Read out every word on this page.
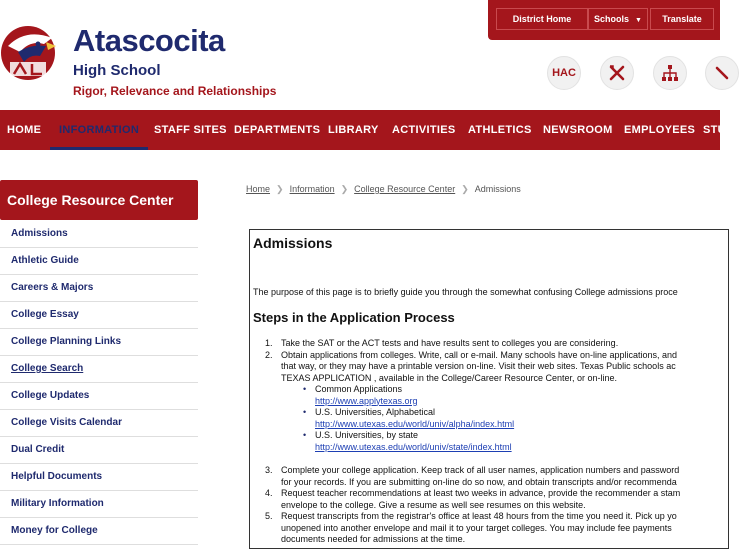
Atascocita
High School
Rigor, Relevance and Relationships
District Home	Schools ▼	Translate
HAC
HOME	INFORMATION	STAFF SITES DEPARTMENTS LIBRARY ACTIVITIES ATHLETICS NEWSROOM EMPLOYEES STU
College Resource Center
Admissions
Athletic Guide
Careers & Majors
College Essay
College Planning Links
College Search
College Updates
College Visits Calendar
Dual Credit
Helpful Documents
Military Information
Money for College
Home ❯ Information ❯ College Resource Center ❯ Admissions
Admissions
The purpose of this page is to briefly guide you through the somewhat confusing College admissions proce
Steps in the Application Process
1. Take the SAT or the ACT tests and have results sent to colleges you are considering.
2. Obtain applications from colleges. Write, call or e-mail. Many schools have on-line applications, and
that way, or they may have a printable version on-line. Visit their web sites. Texas Public schools ac
TEXAS APPLICATION , available in the College/Career Resource Center, or on-line.
• Common Applications
http://www.applytexas.org
• U.S. Universities, Alphabetical
http://www.utexas.edu/world/univ/alpha/index.html
• U.S. Universities, by state
http://www.utexas.edu/world/univ/state/index.html
3. Complete your college application. Keep track of all user names, application numbers and password
for your records. If you are submitting on-line do so now, and obtain transcripts and/or recommenda
4. Request teacher recommendations at least two weeks in advance, provide the recommender a stam
envelope to the college. Give a resume as well see resumes on this website.
5. Request transcripts from the registrar's office at least 48 hours from the time you need it. Pick up yo
unopened into another envelope and mail it to your target colleges. You may include fee payments
documents needed for admissions at the time.
